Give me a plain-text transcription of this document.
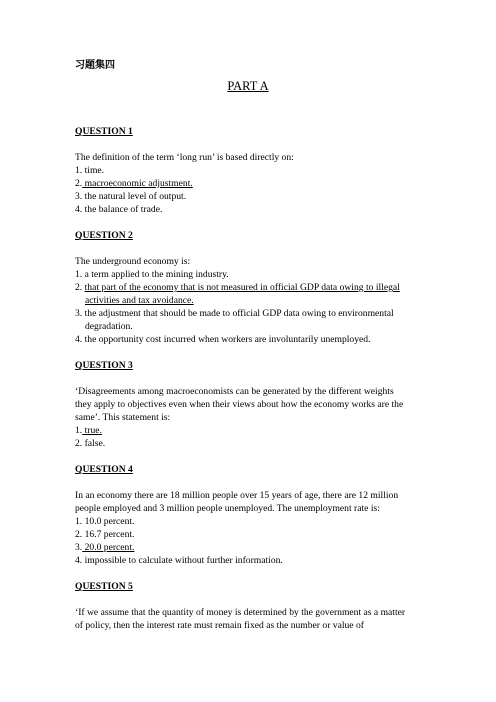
习题集四
PART A
QUESTION 1
The definition of the term ‘long run’ is based directly on:
1. time.
2. macroeconomic adjustment.
3. the natural level of output.
4. the balance of trade.
QUESTION 2
The underground economy is:
1. a term applied to the mining industry.
2. that part of the economy that is not measured in official GDP data owing to illegal
activities and tax avoidance.
3. the adjustment that should be made to official GDP data owing to environmental
degradation.
4. the opportunity cost incurred when workers are involuntarily unemployed.
QUESTION 3
‘Disagreements among macroeconomists can be generated by the different weights
they apply to objectives even when their views about how the economy works are the
same’. This statement is:
1. true.
2. false.
QUESTION 4
In an economy there are 18 million people over 15 years of age, there are 12 million
people employed and 3 million people unemployed. The unemployment rate is:
1. 10.0 percent.
2. 16.7 percent.
3. 20.0 percent.
4. impossible to calculate without further information.
QUESTION 5
‘If we assume that the quantity of money is determined by the government as a matter
of policy, then the interest rate must remain fixed as the number or value of
